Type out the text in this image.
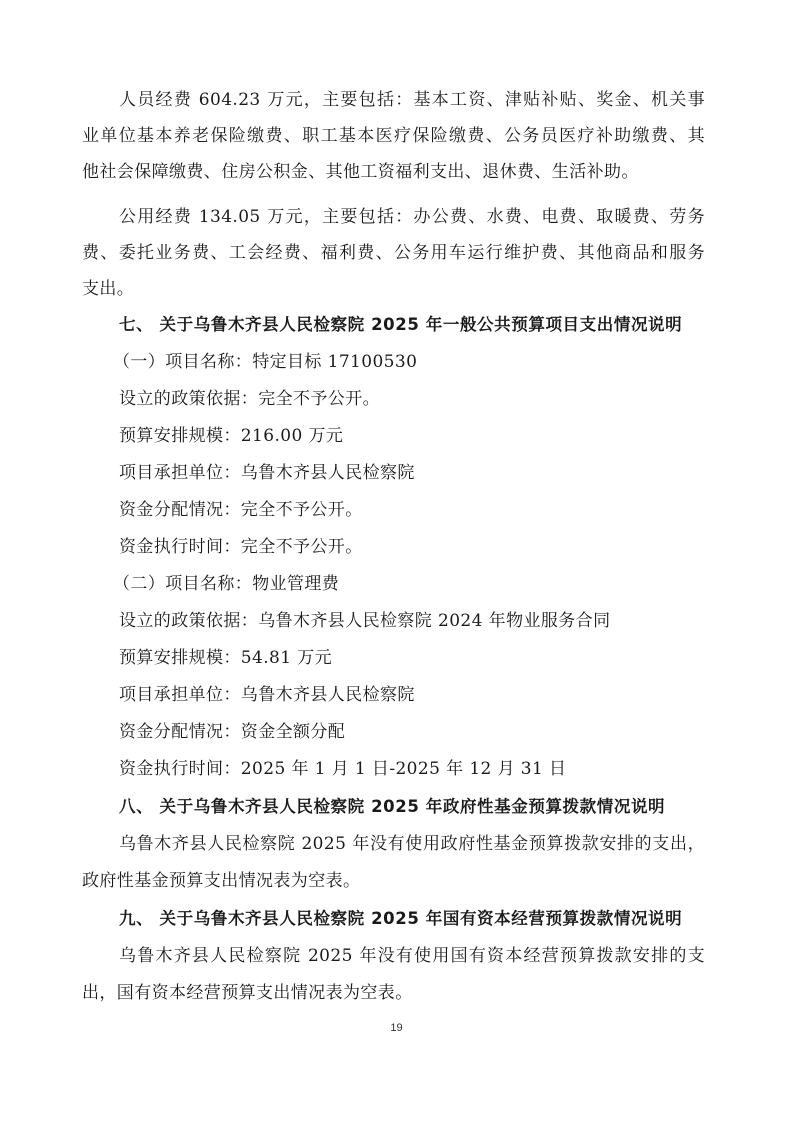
人员经费 604.23 万元，主要包括：基本工资、津贴补贴、奖金、机关事
业单位基本养老保险缴费、职工基本医疗保险缴费、公务员医疗补助缴费、其
他社会保障缴费、住房公积金、其他工资福利支出、退休费、生活补助。
公用经费 134.05 万元，主要包括：办公费、水费、电费、取暖费、劳务
费、委托业务费、工会经费、福利费、公务用车运行维护费、其他商品和服务
支出。
七、 关于乌鲁木齐县人民检察院 2025 年一般公共预算项目支出情况说明
（一）项目名称：特定目标 17100530
设立的政策依据：完全不予公开。
预算安排规模：216.00 万元
项目承担单位：乌鲁木齐县人民检察院
资金分配情况：完全不予公开。
资金执行时间：完全不予公开。
（二）项目名称：物业管理费
设立的政策依据：乌鲁木齐县人民检察院 2024 年物业服务合同
预算安排规模：54.81 万元
项目承担单位：乌鲁木齐县人民检察院
资金分配情况：资金全额分配
资金执行时间：2025 年 1 月 1 日-2025 年 12 月 31 日
八、 关于乌鲁木齐县人民检察院 2025 年政府性基金预算拨款情况说明
乌鲁木齐县人民检察院 2025 年没有使用政府性基金预算拨款安排的支出，
政府性基金预算支出情况表为空表。
九、 关于乌鲁木齐县人民检察院 2025 年国有资本经营预算拨款情况说明
乌鲁木齐县人民检察院 2025 年没有使用国有资本经营预算拨款安排的支
出，国有资本经营预算支出情况表为空表。
19
